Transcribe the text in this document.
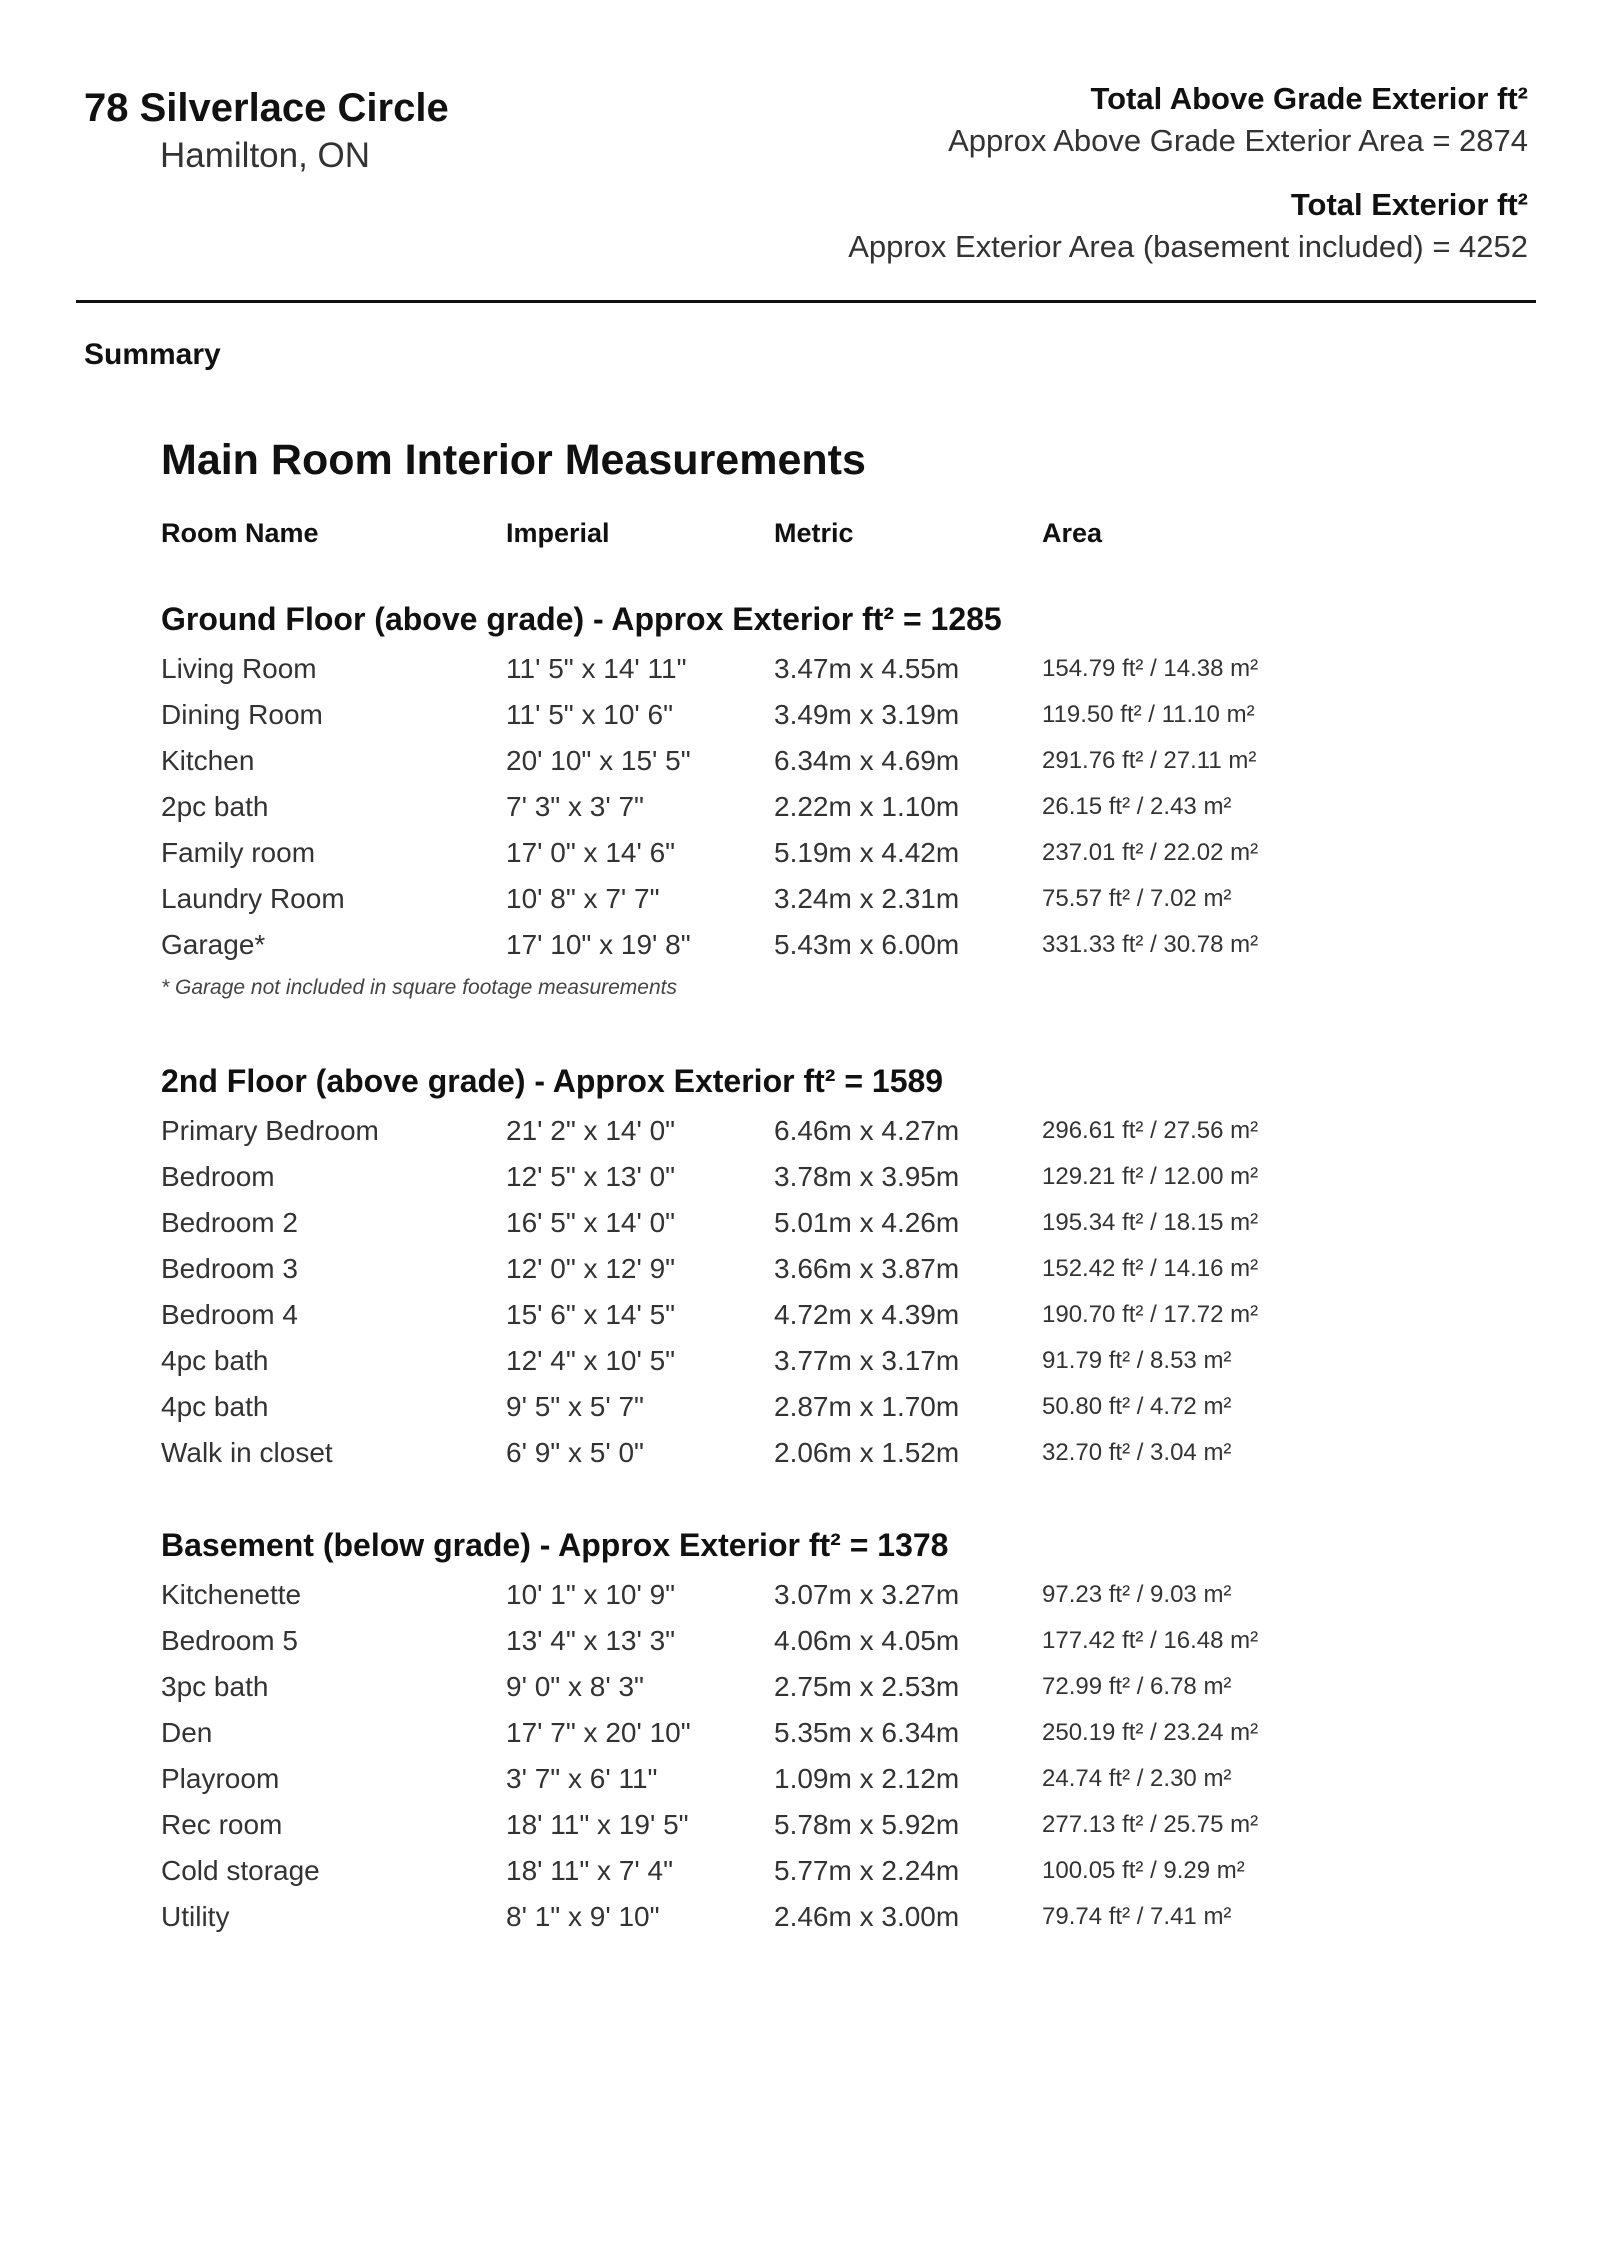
78 Silverlace Circle
Hamilton, ON
Total Above Grade Exterior ft²
Approx Above Grade Exterior Area = 2874
Total Exterior ft²
Approx Exterior Area (basement included) = 4252
Summary
Main Room Interior Measurements
Room Name	Imperial	Metric	Area
Ground Floor (above grade) - Approx Exterior ft² = 1285
Living Room	11' 5" x 14' 11"	3.47m x 4.55m	154.79 ft² / 14.38 m²
Dining Room	11' 5" x 10' 6"	3.49m x 3.19m	119.50 ft² / 11.10 m²
Kitchen	20' 10" x 15' 5"	6.34m x 4.69m	291.76 ft² / 27.11 m²
2pc bath	7' 3" x 3' 7"	2.22m x 1.10m	26.15 ft² / 2.43 m²
Family room	17' 0" x 14' 6"	5.19m x 4.42m	237.01 ft² / 22.02 m²
Laundry Room	10' 8" x 7' 7"	3.24m x 2.31m	75.57 ft² / 7.02 m²
Garage*	17' 10" x 19' 8"	5.43m x 6.00m	331.33 ft² / 30.78 m²
* Garage not included in square footage measurements
2nd Floor (above grade) - Approx Exterior ft² = 1589
Primary Bedroom	21' 2" x 14' 0"	6.46m x 4.27m	296.61 ft² / 27.56 m²
Bedroom	12' 5" x 13' 0"	3.78m x 3.95m	129.21 ft² / 12.00 m²
Bedroom 2	16' 5" x 14' 0"	5.01m x 4.26m	195.34 ft² / 18.15 m²
Bedroom 3	12' 0" x 12' 9"	3.66m x 3.87m	152.42 ft² / 14.16 m²
Bedroom 4	15' 6" x 14' 5"	4.72m x 4.39m	190.70 ft² / 17.72 m²
4pc bath	12' 4" x 10' 5"	3.77m x 3.17m	91.79 ft² / 8.53 m²
4pc bath	9' 5" x 5' 7"	2.87m x 1.70m	50.80 ft² / 4.72 m²
Walk in closet	6' 9" x 5' 0"	2.06m x 1.52m	32.70 ft² / 3.04 m²
Basement (below grade) - Approx Exterior ft² = 1378
Kitchenette	10' 1" x 10' 9"	3.07m x 3.27m	97.23 ft² / 9.03 m²
Bedroom 5	13' 4" x 13' 3"	4.06m x 4.05m	177.42 ft² / 16.48 m²
3pc bath	9' 0" x 8' 3"	2.75m x 2.53m	72.99 ft² / 6.78 m²
Den	17' 7" x 20' 10"	5.35m x 6.34m	250.19 ft² / 23.24 m²
Playroom	3' 7" x 6' 11"	1.09m x 2.12m	24.74 ft² / 2.30 m²
Rec room	18' 11" x 19' 5"	5.78m x 5.92m	277.13 ft² / 25.75 m²
Cold storage	18' 11" x 7' 4"	5.77m x 2.24m	100.05 ft² / 9.29 m²
Utility	8' 1" x 9' 10"	2.46m x 3.00m	79.74 ft² / 7.41 m²
